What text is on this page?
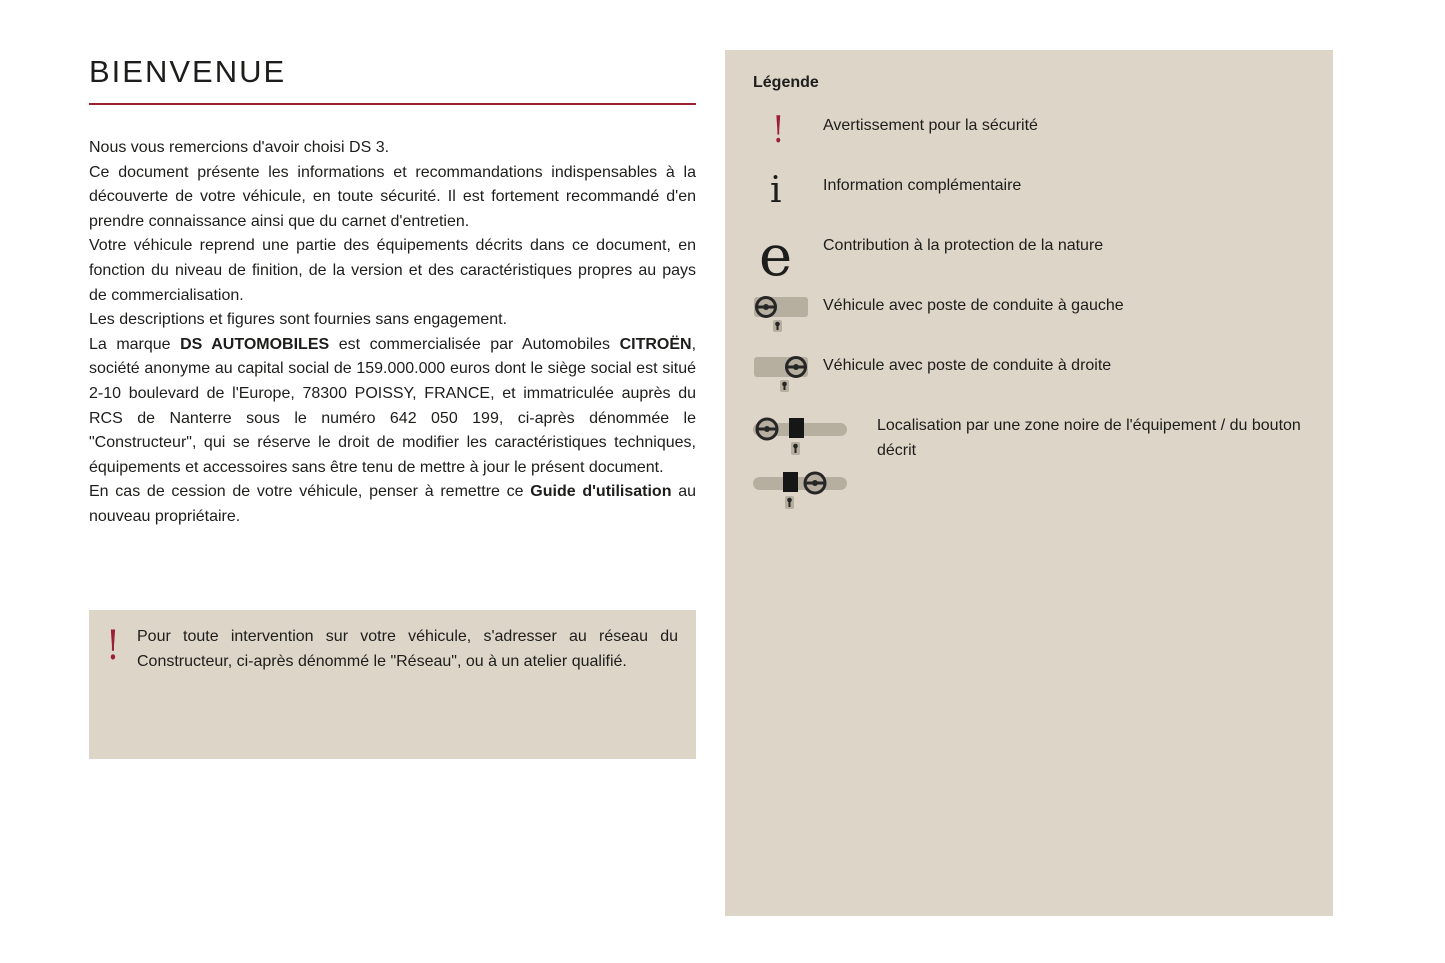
BIENVENUE

Nous vous remercions d'avoir choisi DS 3.

Ce document présente les informations et recommandations indispensables à la découverte de votre véhicule, en toute sécurité. Il est fortement recommandé d'en prendre connaissance ainsi que du carnet d'entretien.

Votre véhicule reprend une partie des équipements décrits dans ce document, en fonction du niveau de finition, de la version et des caractéristiques propres au pays de commercialisation.

Les descriptions et figures sont fournies sans engagement.

La marque DS AUTOMOBILES est commercialisée par Automobiles CITROËN, société anonyme au capital social de 159.000.000 euros dont le siège social est situé 2-10 boulevard de l'Europe, 78300 POISSY, FRANCE, et immatriculée auprès du RCS de Nanterre sous le numéro 642 050 199, ci-après dénommée le "Constructeur", qui se réserve le droit de modifier les caractéristiques techniques, équipements et accessoires sans être tenu de mettre à jour le présent document.

En cas de cession de votre véhicule, penser à remettre ce Guide d'utilisation au nouveau propriétaire.

!	Pour toute intervention sur votre véhicule, s'adresser au réseau du Constructeur, ci-après dénommé le "Réseau", ou à un atelier qualifié.

Légende
! Avertissement pour la sécurité
i	Information complémentaire
e Contribution à la protection de la nature
Véhicule avec poste de conduite à gauche
Véhicule avec poste de conduite à droite
Localisation par une zone noire de l'équipement / du bouton décrit
